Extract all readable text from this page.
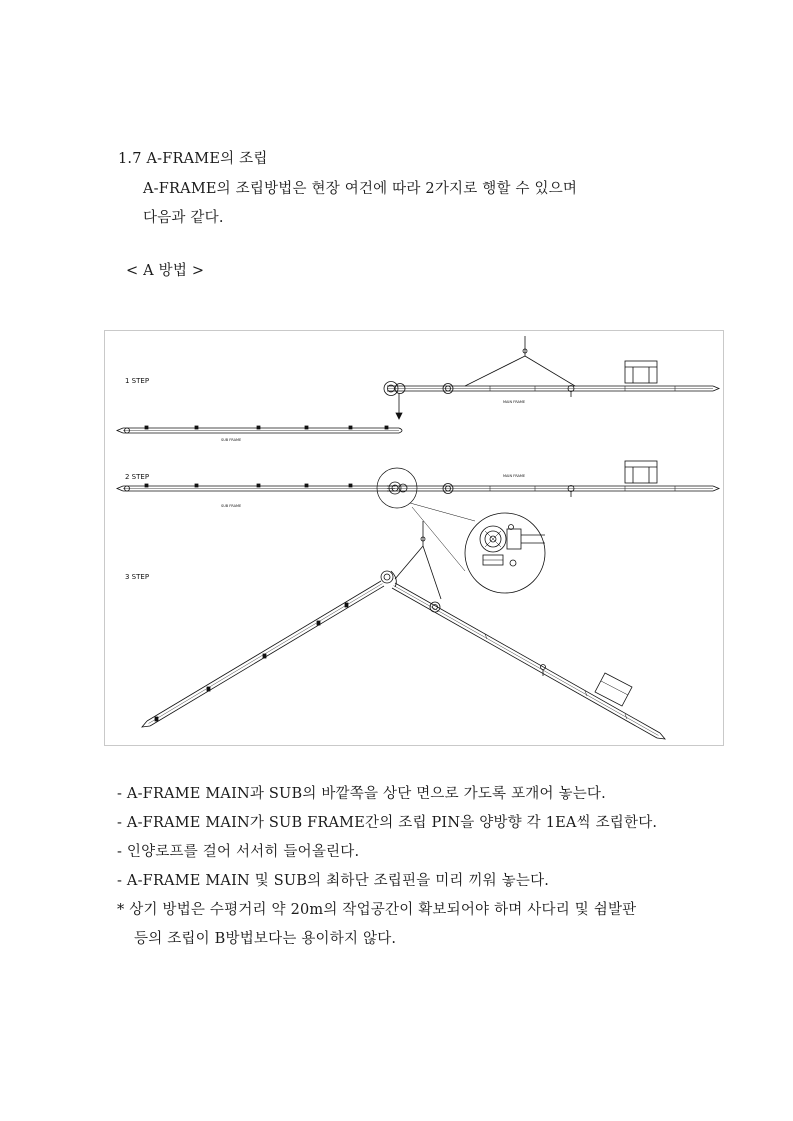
1.7 A-FRAME의 조립
A-FRAME의 조립방법은 현장 여건에 따라 2가지로 행할 수 있으며
다음과 같다.
< A 방법 >
1 STEP
MAIN FRAME
SUB FRAME
2 STEP	MAIN FRAME
SUB FRAME
3 STEP
- A-FRAME MAIN과 SUB의 바깥쪽을 상단 면으로 가도록 포개어 놓는다.
- A-FRAME MAIN가 SUB FRAME간의 조립 PIN을 양방향 각 1EA씩 조립한다.
- 인양로프를 걸어 서서히 들어올린다.
- A-FRAME MAIN 및 SUB의 최하단 조립핀을 미리 끼워 놓는다.
* 상기 방법은 수평거리 약 20m의 작업공간이 확보되어야 하며 사다리 및 쉼발판
등의 조립이 B방법보다는 용이하지 않다.
